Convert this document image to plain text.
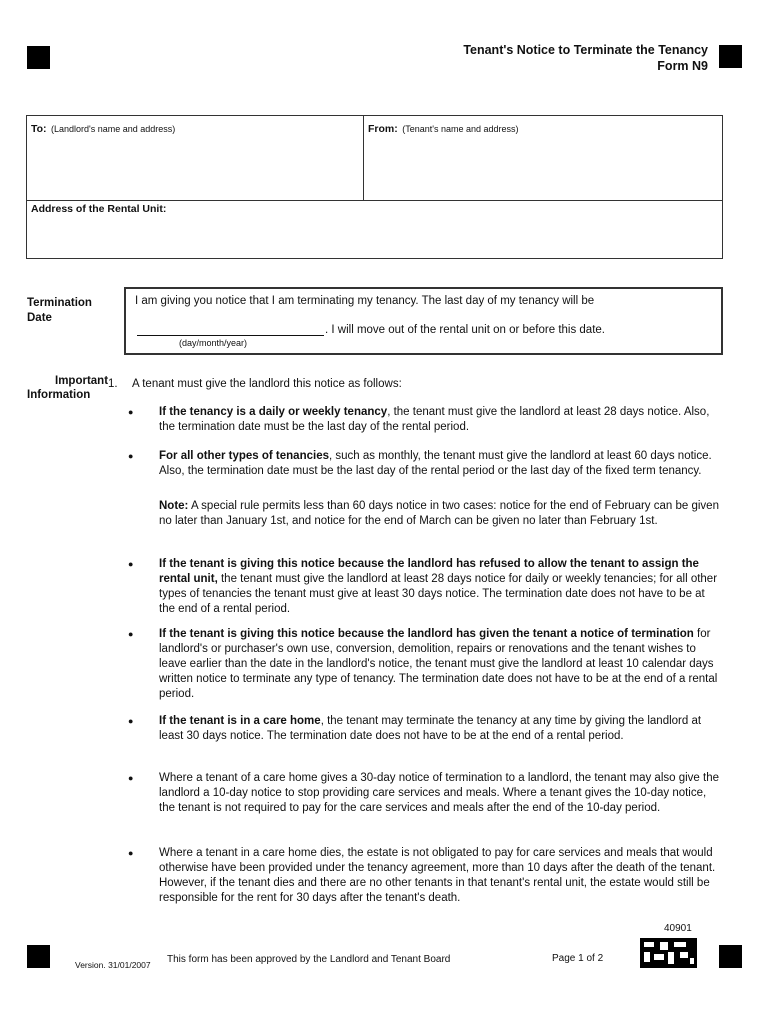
Tenant's Notice to Terminate the Tenancy
Form N9
To: (Landlord's name and address)	From: (Tenant's name and address)
Address of the Rental Unit:
Termination
Date
I am giving you notice that I am terminating my tenancy. The last day of my tenancy will be
. I will move out of the rental unit on or before this date.
(day/month/year)
Important
Information
1. A tenant must give the landlord this notice as follows:
● If the tenancy is a daily or weekly tenancy, the tenant must give the landlord at least 28 days notice. Also, the termination date must be the last day of the rental period.
● For all other types of tenancies, such as monthly, the tenant must give the landlord at least 60 days notice. Also, the termination date must be the last day of the rental period or the last day of the fixed term tenancy.
Note: A special rule permits less than 60 days notice in two cases: notice for the end of February can be given no later than January 1st, and notice for the end of March can be given no later than February 1st.
● If the tenant is giving this notice because the landlord has refused to allow the tenant to assign the rental unit, the tenant must give the landlord at least 28 days notice for daily or weekly tenancies; for all other types of tenancies the tenant must give at least 30 days notice. The termination date does not have to be at the end of a rental period.
● If the tenant is giving this notice because the landlord has given the tenant a notice of termination for landlord's or purchaser's own use, conversion, demolition, repairs or renovations and the tenant wishes to leave earlier than the date in the landlord's notice, the tenant must give the landlord at least 10 calendar days written notice to terminate any type of tenancy. The termination date does not have to be at the end of a rental period.
● If the tenant is in a care home, the tenant may terminate the tenancy at any time by giving the landlord at least 30 days notice. The termination date does not have to be at the end of a rental period.
● Where a tenant of a care home gives a 30-day notice of termination to a landlord, the tenant may also give the landlord a 10-day notice to stop providing care services and meals. Where a tenant gives the 10-day notice, the tenant is not required to pay for the care services and meals after the end of the 10-day period.
● Where a tenant in a care home dies, the estate is not obligated to pay for care services and meals that would otherwise have been provided under the tenancy agreement, more than 10 days after the death of the tenant. However, if the tenant dies and there are no other tenants in that tenant's rental unit, the estate would still be responsible for the rent for 30 days after the tenant's death.
40901
Version. 31/01/2007 This form has been approved by the Landlord and Tenant Board	Page 1 of 2
